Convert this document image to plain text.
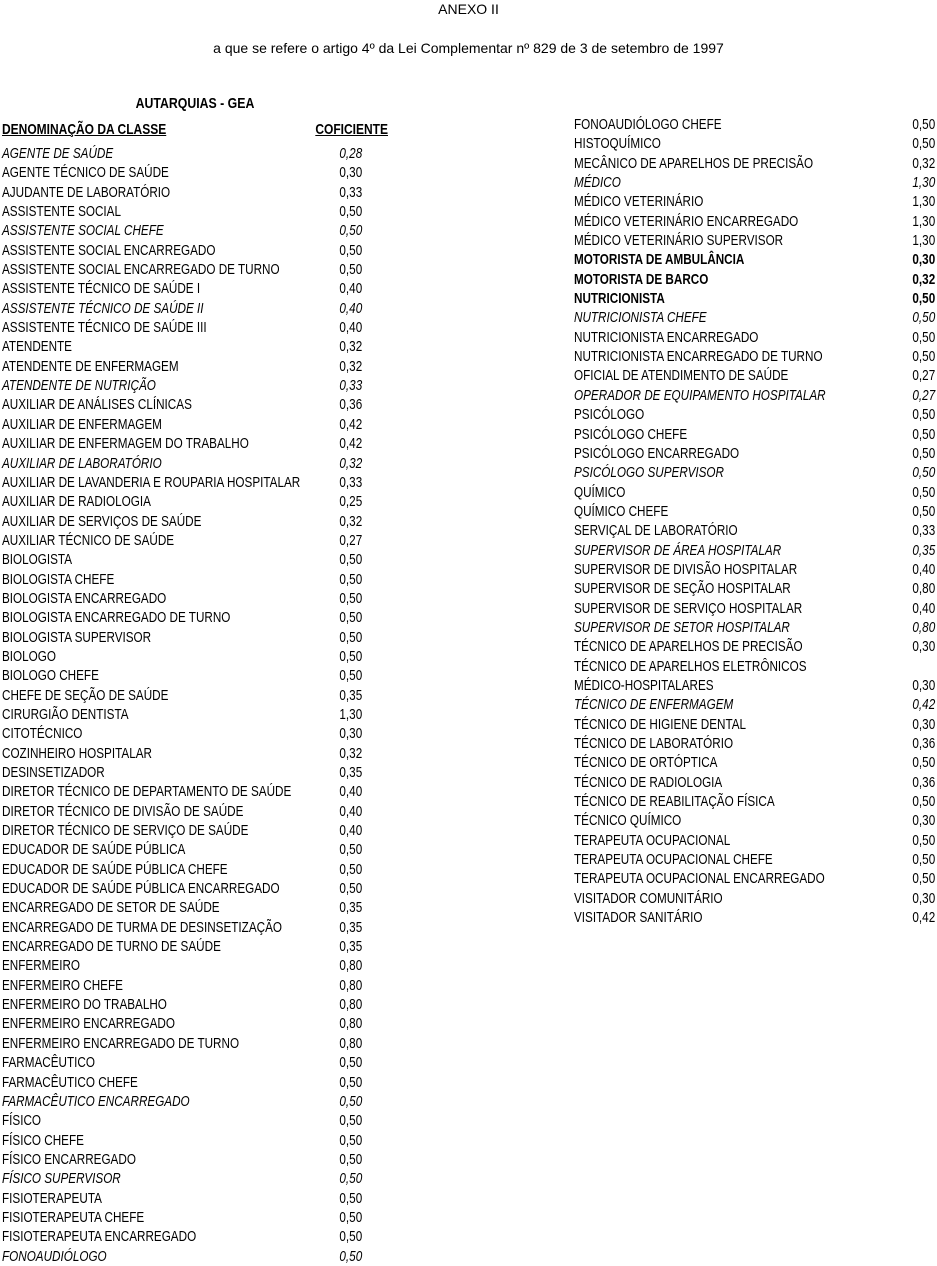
ANEXO II
a que se refere o artigo 4º da Lei Complementar nº 829 de 3 de setembro de 1997
AUTARQUIAS - GEA
DENOMINAÇÃO DA CLASSE	COFICIENTE
AGENTE DE SAÚDE	0,28
AGENTE TÉCNICO DE SAÚDE	0,30
AJUDANTE DE LABORATÓRIO	0,33
ASSISTENTE SOCIAL	0,50
ASSISTENTE SOCIAL CHEFE	0,50
ASSISTENTE SOCIAL ENCARREGADO	0,50
ASSISTENTE SOCIAL ENCARREGADO DE TURNO	0,50
ASSISTENTE TÉCNICO DE SAÚDE I	0,40
ASSISTENTE TÉCNICO DE SAÚDE II	0,40
ASSISTENTE TÉCNICO DE SAÚDE III	0,40
ATENDENTE	0,32
ATENDENTE DE ENFERMAGEM	0,32
ATENDENTE DE NUTRIÇÃO	0,33
AUXILIAR DE ANÁLISES CLÍNICAS	0,36
AUXILIAR DE ENFERMAGEM	0,42
AUXILIAR DE ENFERMAGEM DO TRABALHO	0,42
AUXILIAR DE LABORATÓRIO	0,32
AUXILIAR DE LAVANDERIA E ROUPARIA HOSPITALAR	0,33
AUXILIAR DE RADIOLOGIA	0,25
AUXILIAR DE SERVIÇOS DE SAÚDE	0,32
AUXILIAR TÉCNICO DE SAÚDE	0,27
BIOLOGISTA	0,50
BIOLOGISTA CHEFE	0,50
BIOLOGISTA ENCARREGADO	0,50
BIOLOGISTA ENCARREGADO DE TURNO	0,50
BIOLOGISTA SUPERVISOR	0,50
BIOLOGO	0,50
BIOLOGO CHEFE	0,50
CHEFE DE SEÇÃO DE SAÚDE	0,35
CIRURGIÃO DENTISTA	1,30
CITOTÉCNICO	0,30
COZINHEIRO HOSPITALAR	0,32
DESINSETIZADOR	0,35
DIRETOR TÉCNICO DE DEPARTAMENTO DE SAÚDE	0,40
DIRETOR TÉCNICO DE DIVISÃO DE SAÚDE	0,40
DIRETOR TÉCNICO DE SERVIÇO DE SAÚDE	0,40
EDUCADOR DE SAÚDE PÚBLICA	0,50
EDUCADOR DE SAÚDE PÚBLICA CHEFE	0,50
EDUCADOR DE SAÚDE PÚBLICA ENCARREGADO	0,50
ENCARREGADO DE SETOR DE SAÚDE	0,35
ENCARREGADO DE TURMA DE DESINSETIZAÇÃO	0,35
ENCARREGADO DE TURNO DE SAÚDE	0,35
ENFERMEIRO	0,80
ENFERMEIRO CHEFE	0,80
ENFERMEIRO DO TRABALHO	0,80
ENFERMEIRO ENCARREGADO	0,80
ENFERMEIRO ENCARREGADO DE TURNO	0,80
FARMACÊUTICO	0,50
FARMACÊUTICO CHEFE	0,50
FARMACÊUTICO ENCARREGADO	0,50
FÍSICO	0,50
FÍSICO CHEFE	0,50
FÍSICO ENCARREGADO	0,50
FÍSICO SUPERVISOR	0,50
FISIOTERAPEUTA	0,50
FISIOTERAPEUTA CHEFE	0,50
FISIOTERAPEUTA ENCARREGADO	0,50
FONOAUDIÓLOGO	0,50
FONOAUDIÓLOGO CHEFE	0,50
HISTOQUÍMICO	0,50
MECÂNICO DE APARELHOS DE PRECISÃO	0,32
MÉDICO	1,30
MÉDICO VETERINÁRIO	1,30
MÉDICO VETERINÁRIO ENCARREGADO	1,30
MÉDICO VETERINÁRIO SUPERVISOR	1,30
MOTORISTA DE AMBULÂNCIA	0,30
MOTORISTA DE BARCO	0,32
NUTRICIONISTA	0,50
NUTRICIONISTA CHEFE	0,50
NUTRICIONISTA ENCARREGADO	0,50
NUTRICIONISTA ENCARREGADO DE TURNO	0,50
OFICIAL DE ATENDIMENTO DE SAÚDE	0,27
OPERADOR DE EQUIPAMENTO HOSPITALAR	0,27
PSICÓLOGO	0,50
PSICÓLOGO CHEFE	0,50
PSICÓLOGO ENCARREGADO	0,50
PSICÓLOGO SUPERVISOR	0,50
QUÍMICO	0,50
QUÍMICO CHEFE	0,50
SERVIÇAL DE LABORATÓRIO	0,33
SUPERVISOR DE ÁREA HOSPITALAR	0,35
SUPERVISOR DE DIVISÃO HOSPITALAR	0,40
SUPERVISOR DE SEÇÃO HOSPITALAR	0,80
SUPERVISOR DE SERVIÇO HOSPITALAR	0,40
SUPERVISOR DE SETOR HOSPITALAR	0,80
TÉCNICO DE APARELHOS DE PRECISÃO	0,30
TÉCNICO DE APARELHOS ELETRÔNICOS
MÉDICO-HOSPITALARES	0,30
TÉCNICO DE ENFERMAGEM	0,42
TÉCNICO DE HIGIENE DENTAL	0,30
TÉCNICO DE LABORATÓRIO	0,36
TÉCNICO DE ORTÓPTICA	0,50
TÉCNICO DE RADIOLOGIA	0,36
TÉCNICO DE REABILITAÇÃO FÍSICA	0,50
TÉCNICO QUÍMICO	0,30
TERAPEUTA OCUPACIONAL	0,50
TERAPEUTA OCUPACIONAL CHEFE	0,50
TERAPEUTA OCUPACIONAL ENCARREGADO	0,50
VISITADOR COMUNITÁRIO	0,30
VISITADOR SANITÁRIO	0,42
